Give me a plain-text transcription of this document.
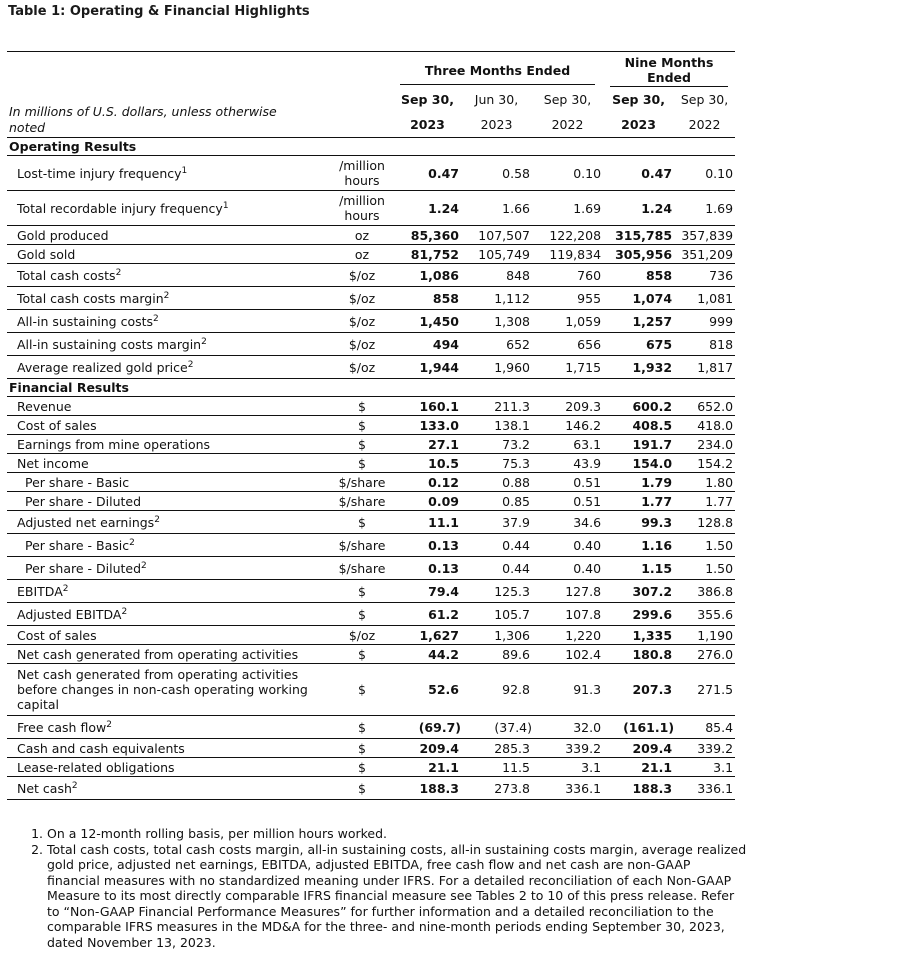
Table 1: Operating & Financial Highlights

		Three Months Ended			Nine Months Ended	

In millions of U.S. dollars, unless otherwise noted		Sep 30,	Jun 30,	Sep 30,	Sep 30,	Sep 30,
		2023	2023	2022	2023	2022
Operating Results						
Lost-time injury frequency$^1$	/million hours	0.47	0.58	0.10	0.47	0.10
Total recordable injury frequency$^1$	/million hours	1.24	1.66	1.69	1.24	1.69
Gold produced	oz	85,360	107,507	122,208	315,785	357,839
Gold sold	oz	81,752	105,749	119,834	305,956	351,209
Total cash costs$^2$	$/oz	1,086	848	760	858	736
Total cash costs margin$^2$	$/oz	858	1,112	955	1,074	1,081
All-in sustaining costs$^2$	$/oz	1,450	1,308	1,059	1,257	999
All-in sustaining costs margin$^2$	$/oz	494	652	656	675	818
Average realized gold price$^2$	$/oz	1,944	1,960	1,715	1,932	1,817
Financial Results						
Revenue	$	160.1	211.3	209.3	600.2	652.0
Cost of sales	$	133.0	138.1	146.2	408.5	418.0
Earnings from mine operations	$	27.1	73.2	63.1	191.7	234.0
Net income	$	10.5	75.3	43.9	154.0	154.2
Per share - Basic	$/share	0.12	0.88	0.51	1.79	1.80
Per share - Diluted	$/share	0.09	0.85	0.51	1.77	1.77
Adjusted net earnings$^2$	$	11.1	37.9	34.6	99.3	128.8
Per share - Basic$^2$	$/share	0.13	0.44	0.40	1.16	1.50
Per share - Diluted$^2$	$/share	0.13	0.44	0.40	1.15	1.50
EBITDA$^2$	$	79.4	125.3	127.8	307.2	386.8
Adjusted EBITDA$^2$	$	61.2	105.7	107.8	299.6	355.6
Cost of sales	$/oz	1,627	1,306	1,220	1,335	1,190
Net cash generated from operating activities	$	44.2	89.6	102.4	180.8	276.0
Net cash generated from operating activities before changes in non-cash operating working capital	$	52.6	92.8	91.3	207.3	271.5
Free cash flow$^2$	$	(69.7)	(37.4)	32.0	(161.1)	85.4
Cash and cash equivalents	$	209.4	285.3	339.2	209.4	339.2
Lease-related obligations	$	21.1	11.5	3.1	21.1	3.1
Net cash$^2$	$	188.3	273.8	336.1	188.3	336.1
1. On a 12-month rolling basis, per million hours worked.
2. Total cash costs, total cash costs margin, all-in sustaining costs, all-in sustaining costs margin, average realized gold price, adjusted net earnings, EBITDA, adjusted EBITDA, free cash flow and net cash are non-GAAP financial measures with no standardized meaning under IFRS. For a detailed reconciliation of each Non-GAAP Measure to its most directly comparable IFRS financial measure see Tables 2 to 10 of this press release. Refer to “Non-GAAP Financial Performance Measures” for further information and a detailed reconciliation to the comparable IFRS measures in the MD&A for the three- and nine-month periods ending September 30, 2023, dated November 13, 2023.
